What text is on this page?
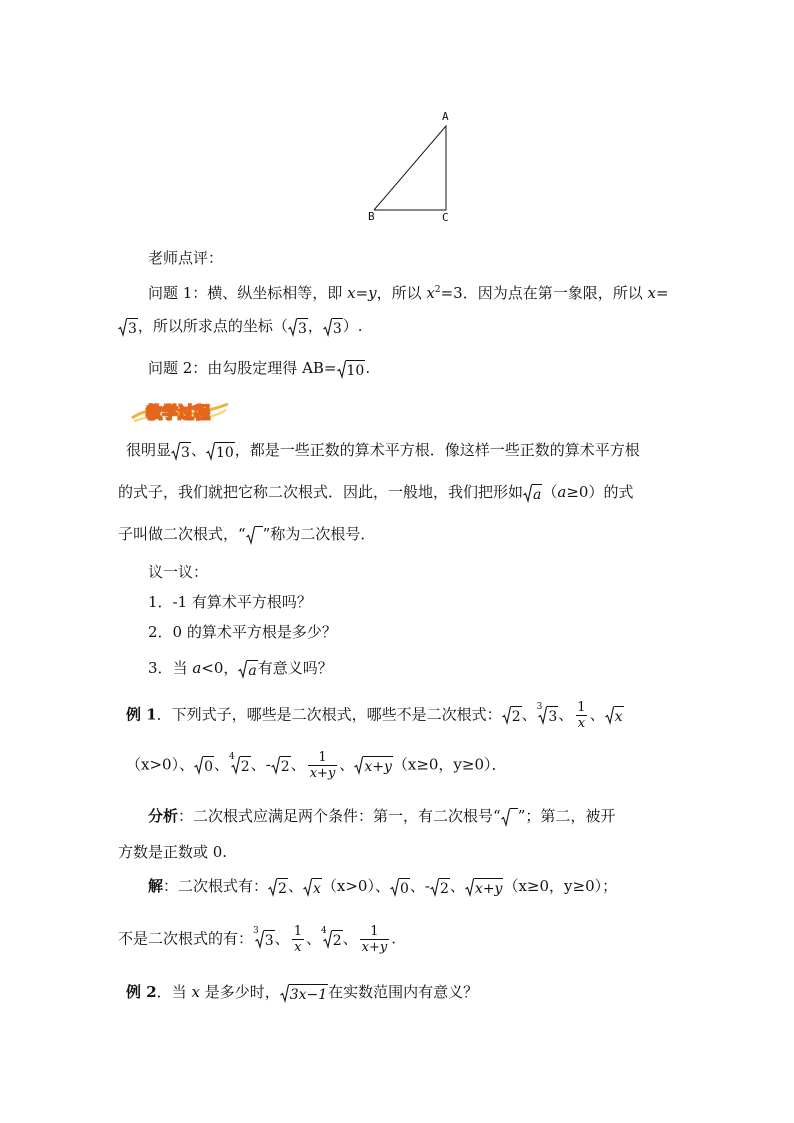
A
B	C
老师点评：
问题 1：横、纵坐标相等，即 x=y，所以 $x^2=3$．因为点在第一象限，所以 x=
3 ，所以所求点的坐标（ 3 ， 3 ）.
问题 2：由勾股定理得 AB= 10 .
教学过程
很明显 3 、 10 ，都是一些正数的算术平方根．像这样一些正数的算术平方根
的式子，我们就把它称二次根式．因此，一般地，我们把形如 a （a≥0）的式
子叫做二次根式，“ ”称为二次根号．
议一议：
1．-1 有算术平方根吗？
2．0 的算术平方根是多少？
3．当 a<0， a 有意义吗？
例 1．下列式子，哪些是二次根式，哪些不是二次根式： 2 、 3
3 、 $\frac{1}{x}$ 、 x
（x>0）、 0 、 4
2 、- 2 、 $\frac{1}{x+y}$ 、 x+y （x≥0，y≥0）．
分析：二次根式应满足两个条件：第一，有二次根号“ ”；第二，被开
方数是正数或 0.
解：二次根式有： 2 、 x （x>0）、 0 、- 2 、 x+y （x≥0，y≥0）；
不是二次根式的有： 3
3 、 $\frac{1}{x}$ 、 4
2 、 $\frac{1}{x+y}$ .
例 2．当 x 是多少时， 3x−1 在实数范围内有意义？
